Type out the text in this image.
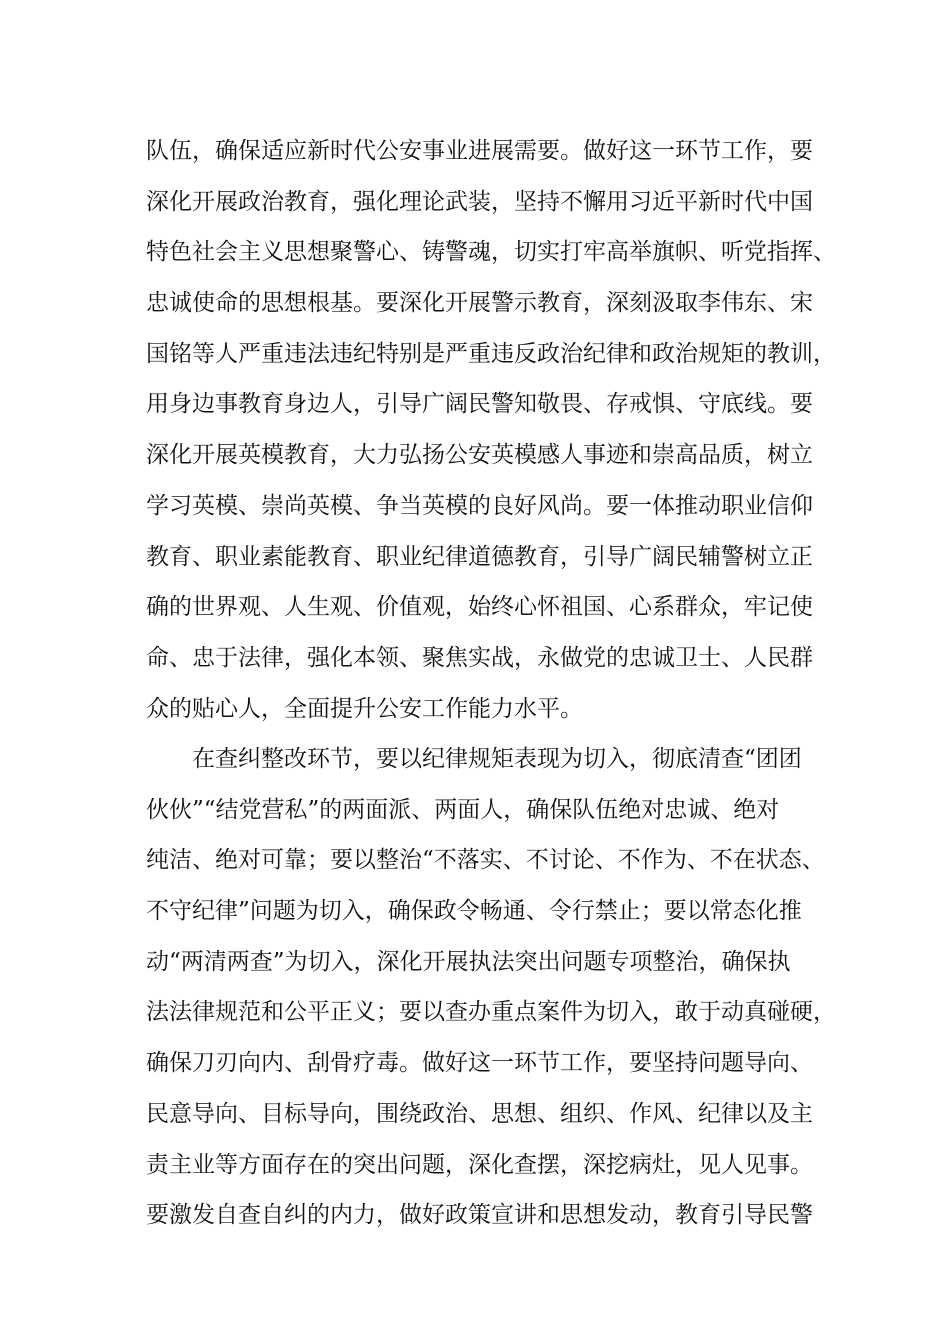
队伍，确保适应新时代公安事业进展需要。做好这一环节工作，要
深化开展政治教育，强化理论武装，坚持不懈用习近平新时代中国
特色社会主义思想聚警心、铸警魂，切实打牢高举旗帜、听党指挥、
忠诚使命的思想根基。要深化开展警示教育，深刻汲取李伟东、宋
国铭等人严重违法违纪特别是严重违反政治纪律和政治规矩的教训，
用身边事教育身边人，引导广阔民警知敬畏、存戒惧、守底线。要
深化开展英模教育，大力弘扬公安英模感人事迹和崇高品质，树立
学习英模、崇尚英模、争当英模的良好风尚。要一体推动职业信仰
教育、职业素能教育、职业纪律道德教育，引导广阔民辅警树立正
确的世界观、人生观、价值观，始终心怀祖国、心系群众，牢记使
命、忠于法律，强化本领、聚焦实战，永做党的忠诚卫士、人民群
众的贴心人，全面提升公安工作能力水平。
在查纠整改环节，要以纪律规矩表现为切入，彻底清查“团团
伙伙”“结党营私”的两面派、两面人，确保队伍绝对忠诚、绝对
纯洁、绝对可靠；要以整治“不落实、不讨论、不作为、不在状态、
不守纪律”问题为切入，确保政令畅通、令行禁止；要以常态化推
动“两清两查”为切入，深化开展执法突出问题专项整治，确保执
法法律规范和公平正义；要以查办重点案件为切入，敢于动真碰硬，
确保刀刃向内、刮骨疗毒。做好这一环节工作，要坚持问题导向、
民意导向、目标导向，围绕政治、思想、组织、作风、纪律以及主
责主业等方面存在的突出问题，深化查摆，深挖病灶，见人见事。
要激发自查自纠的内力，做好政策宣讲和思想发动，教育引导民警
